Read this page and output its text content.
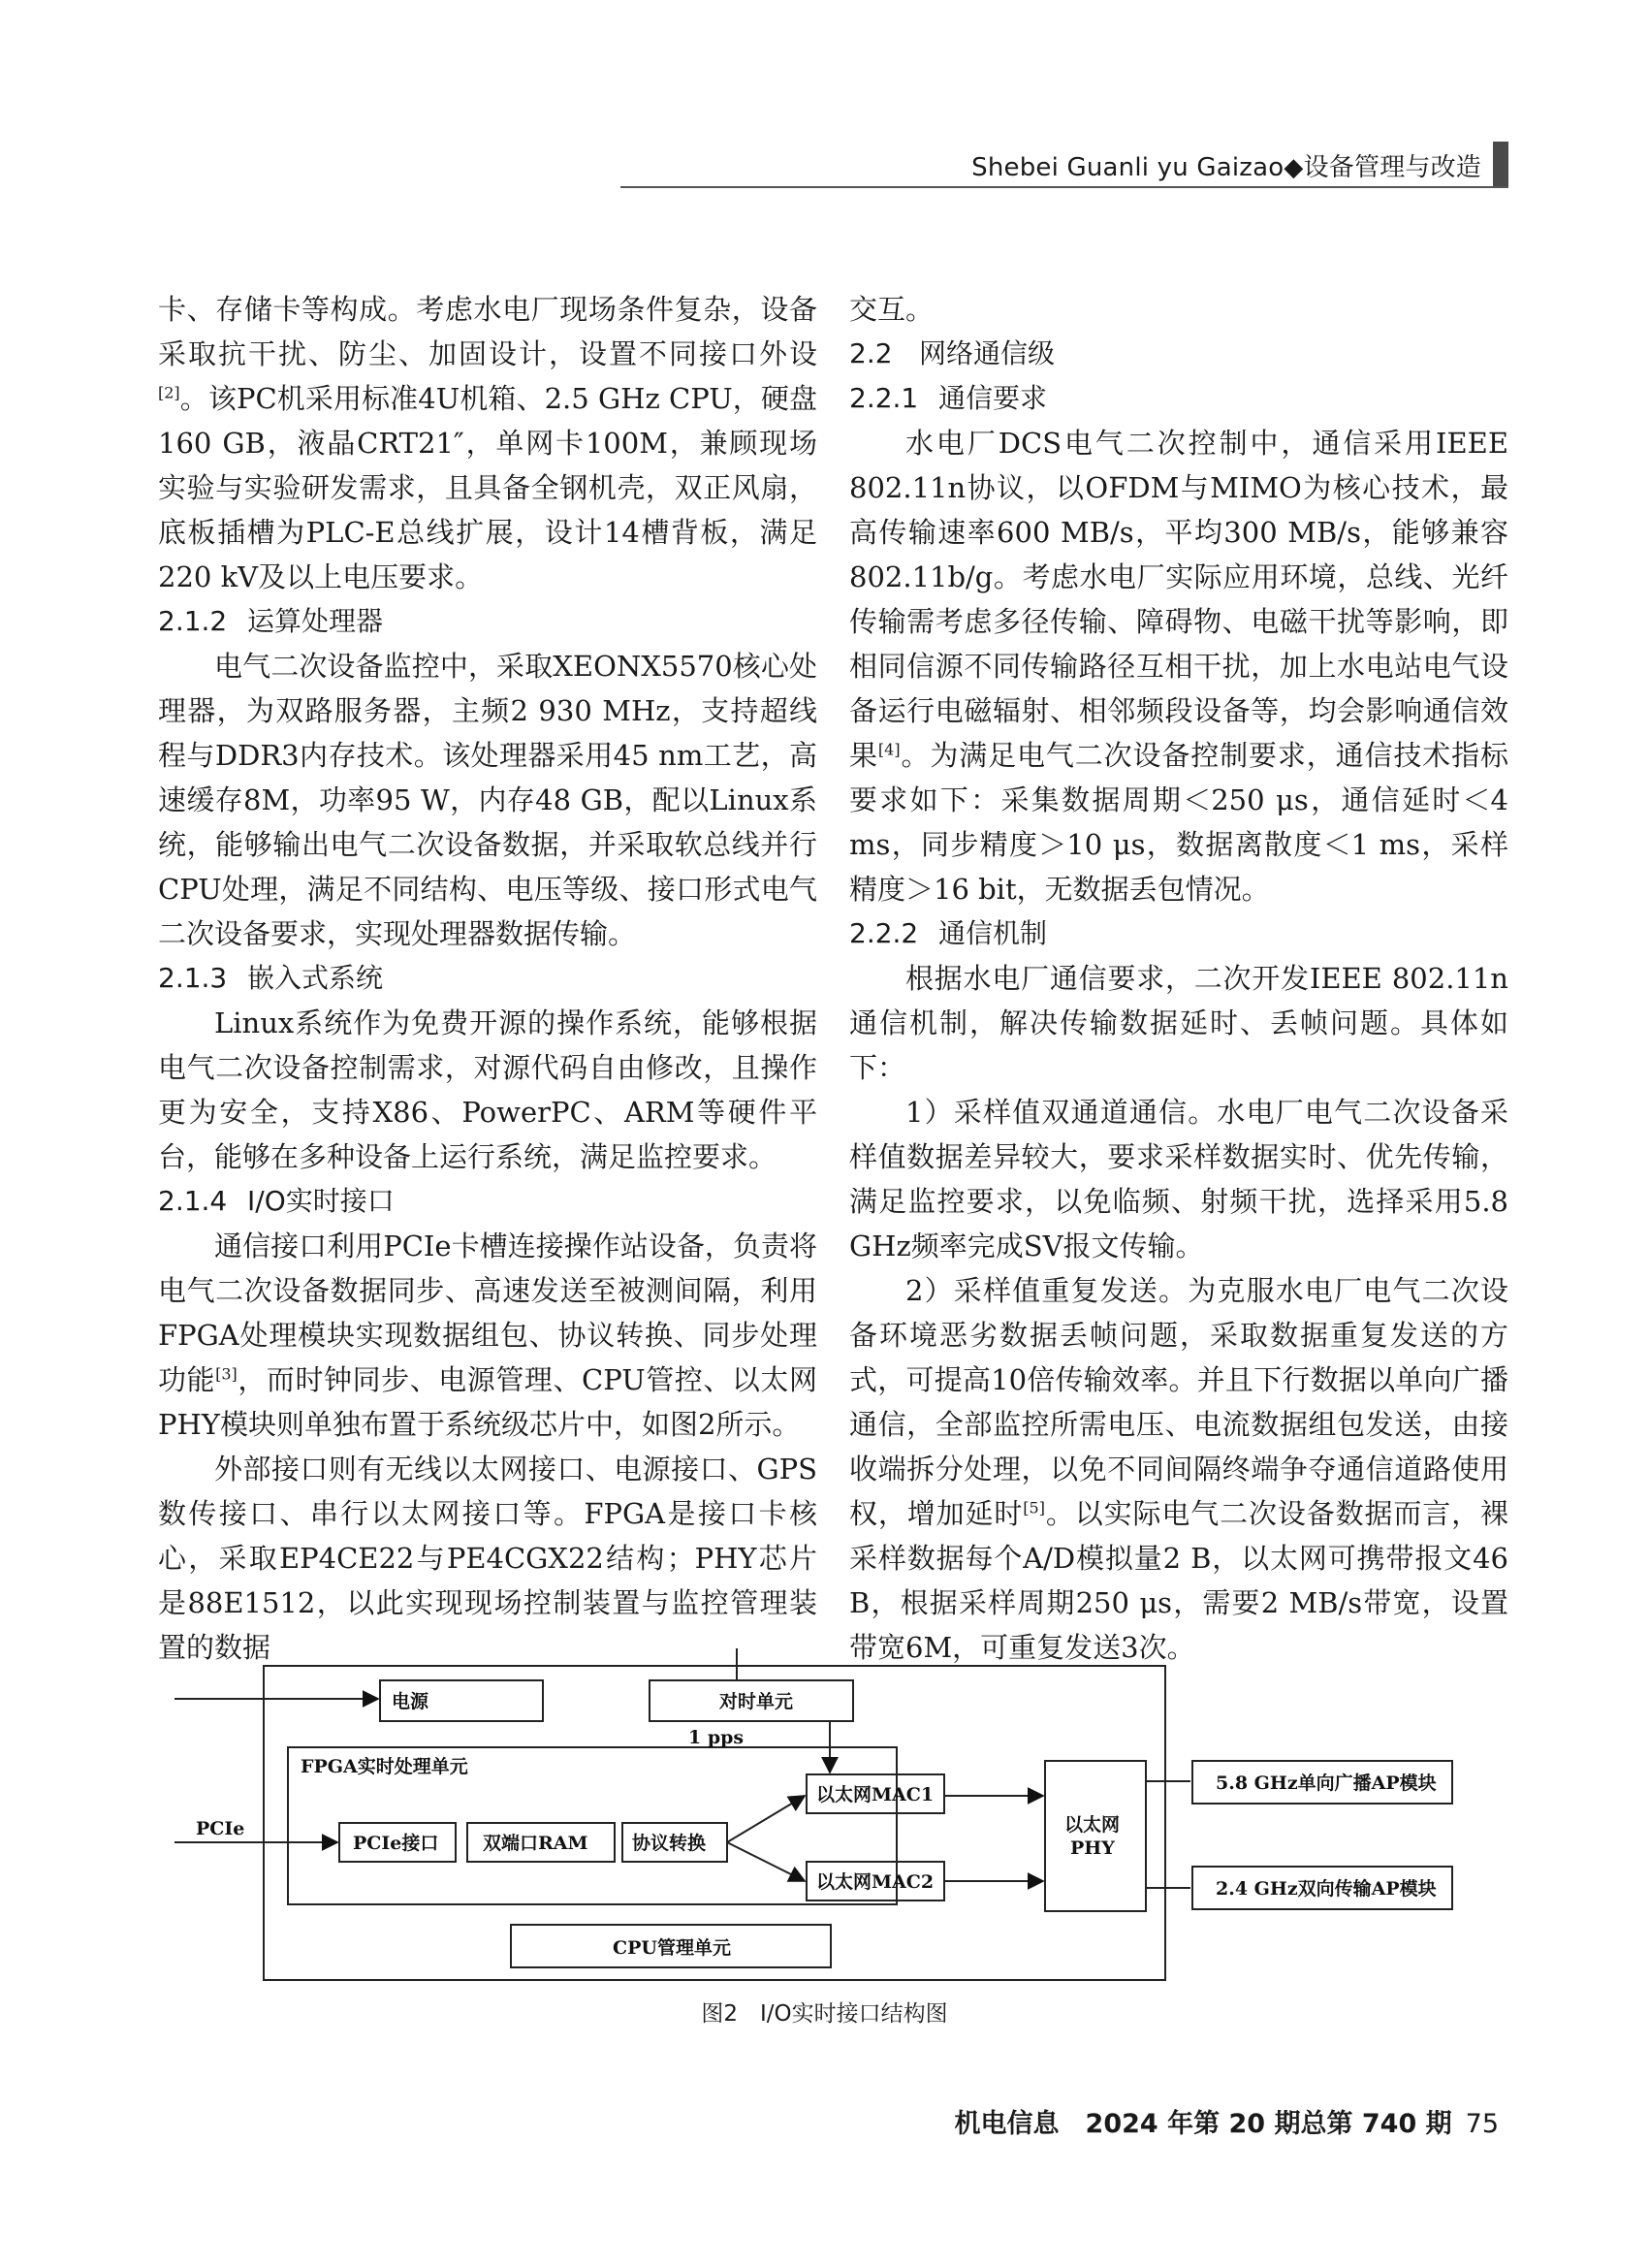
Shebei Guanli yu Gaizao◆设备管理与改造

卡、存储卡等构成。考虑水电厂现场条件复杂，设备采取抗干扰、防尘、加固设计，设置不同接口外设[2]。该PC机采用标准4U机箱、2.5 GHz CPU，硬盘160 GB，液晶CRT21″，单网卡100M，兼顾现场实验与实验研发需求，且具备全钢机壳，双正风扇，底板插槽为PLC-E总线扩展，设计14槽背板，满足220 kV及以上电压要求。

2.1.2 运算处理器

电气二次设备监控中，采取XEONX5570核心处理器，为双路服务器，主频2 930 MHz，支持超线程与DDR3内存技术。该处理器采用45 nm工艺，高速缓存8M，功率95 W，内存48 GB，配以Linux系统，能够输出电气二次设备数据，并采取软总线并行CPU处理，满足不同结构、电压等级、接口形式电气二次设备要求，实现处理器数据传输。

2.1.3 嵌入式系统

Linux系统作为免费开源的操作系统，能够根据电气二次设备控制需求，对源代码自由修改，且操作更为安全，支持X86、PowerPC、ARM等硬件平台，能够在多种设备上运行系统，满足监控要求。

2.1.4 I/O实时接口

通信接口利用PCIe卡槽连接操作站设备，负责将电气二次设备数据同步、高速发送至被测间隔，利用FPGA处理模块实现数据组包、协议转换、同步处理功能[3]，而时钟同步、电源管理、CPU管控、以太网PHY模块则单独布置于系统级芯片中，如图2所示。

外部接口则有无线以太网接口、电源接口、GPS数传接口、串行以太网接口等。FPGA是接口卡核心，采取EP4CE22与PE4CGX22结构；PHY芯片是88E1512，以此实现现场控制装置与监控管理装置的数据

交互。

2.2 网络通信级
2.2.1 通信要求

水电厂DCS电气二次控制中，通信采用IEEE 802.11n协议，以OFDM与MIMO为核心技术，最高传输速率600 MB/s，平均300 MB/s，能够兼容802.11b/g。考虑水电厂实际应用环境，总线、光纤传输需考虑多径传输、障碍物、电磁干扰等影响，即相同信源不同传输路径互相干扰，加上水电站电气设备运行电磁辐射、相邻频段设备等，均会影响通信效果[4]。为满足电气二次设备控制要求，通信技术指标要求如下：采集数据周期＜250 μs，通信延时＜4 ms，同步精度＞10 μs，数据离散度＜1 ms，采样精度＞16 bit，无数据丢包情况。

2.2.2 通信机制

根据水电厂通信要求，二次开发IEEE 802.11n通信机制，解决传输数据延时、丢帧问题。具体如下：

1）采样值双通道通信。水电厂电气二次设备采样值数据差异较大，要求采样数据实时、优先传输，满足监控要求，以免临频、射频干扰，选择采用5.8 GHz频率完成SV报文传输。

2）采样值重复发送。为克服水电厂电气二次设备环境恶劣数据丢帧问题，采取数据重复发送的方式，可提高10倍传输效率。并且下行数据以单向广播通信，全部监控所需电压、电流数据组包发送，由接收端拆分处理，以免不同间隔终端争夺通信道路使用权，增加延时[5]。以实际电气二次设备数据而言，裸采样数据每个A/D模拟量2 B，以太网可携带报文46 B，根据采样周期250 μs，需要2 MB/s带宽，设置带宽6M，可重复发送3次。

电源	对时单元
1 pps
FPGA实时处理单元
PCIe
PCIe接口 双端口RAM 协议转换
以太网MAC1
以太网MAC2
以太网
PHY
5.8 GHz单向广播AP模块
2.4 GHz双向传输AP模块
CPU管理单元
图2　I/O实时接口结构图
机电信息　2024 年第 20 期总第 740 期 75
